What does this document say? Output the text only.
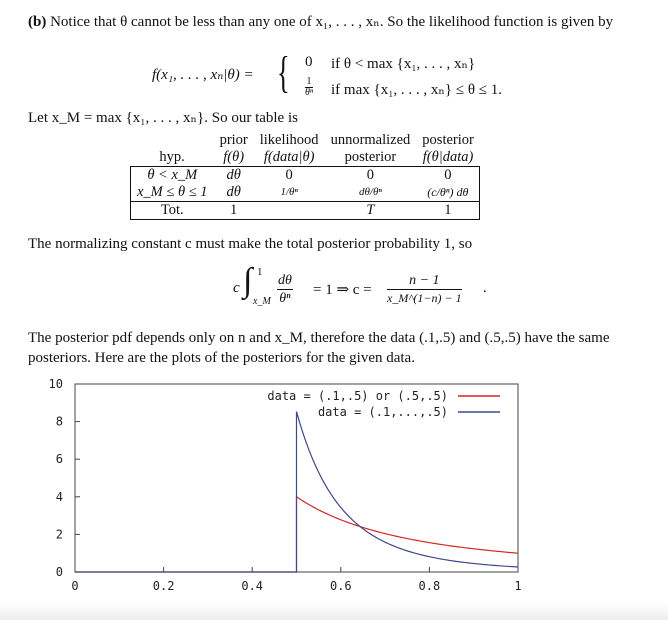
(b) Notice that θ cannot be less than any one of x₁, . . . , xₙ. So the likelihood function is given by
f(x₁, . . . , xₙ|θ) = { 0 if θ < max {x₁, . . . , xₙ}
$\frac{1}{\text{θⁿ}}$ if max {x₁, . . . , xₙ} ≤ θ ≤ 1.
Let x_M = max {x₁, . . . , xₙ}. So our table is
	prior	likelihood	unnormalized	posterior
hyp.	f(θ)	f(data|θ)	posterior	f(θ|data)
θ < x_M	dθ	0	0	0
x_M ≤ θ ≤ 1	dθ	1/θⁿ	dθ/θⁿ	(c/θⁿ) dθ
Tot.	1		T	1
The normalizing constant c must make the total posterior probability 1, so
c ∫ 1
x_M $\frac{d\theta}{\text{θⁿ}} = 1$ ⇒ $c = \frac{n - 1}{x\_M\^{}(1-n) - 1}$ .
The posterior pdf depends only on n and x_M, therefore the data (.1,.5) and (.5,.5) have the same posteriors. Here are the plots of the posteriors for the given data.
0	0.2	0.4	0.6	0.8	1
0
2
4
6
8
10
data = (.1,.5) or (.5,.5)
data = (.1,...,.5)
